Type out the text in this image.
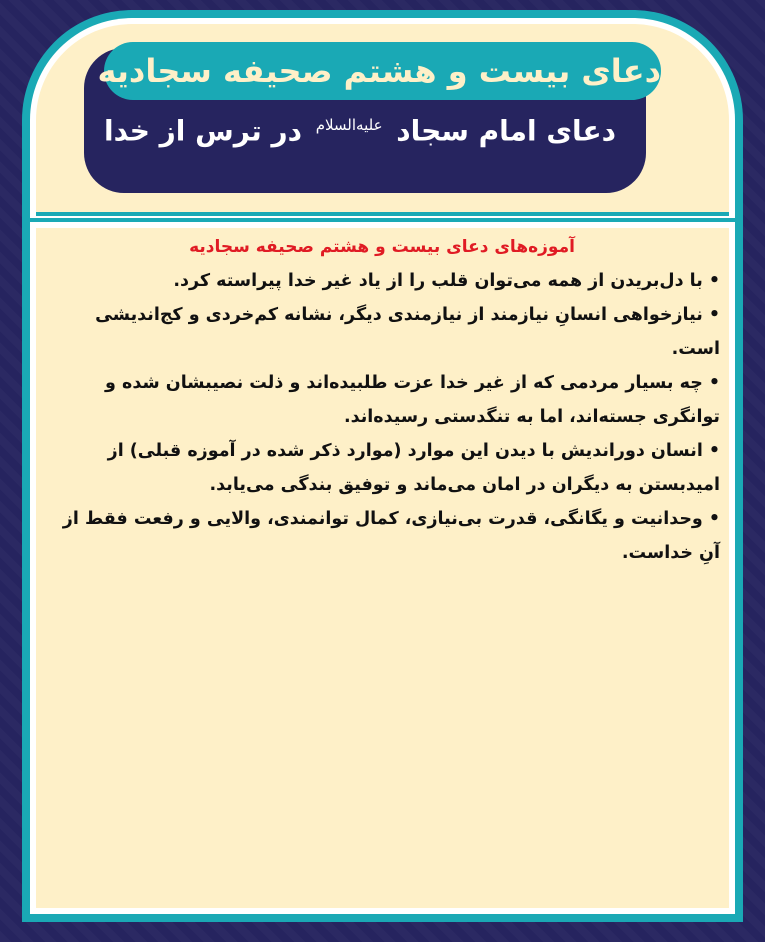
دعای بیست و هشتم صحیفه سجادیه
دعای امام سجاد $^{علیه‌السلام}$ در ترس از خدا
آموزه‌های دعای بیست و هشتم صحیفه سجادیه
•با دل‌بریدن از همه می‌توان قلب را از یاد غیر خدا پیراسته کرد.
•نیازخواهی انسانِ نیازمند از نیازمندی دیگر، نشانه کم‌خردی و کج‌اندیشی است.
•چه بسیار مردمی که از غیر خدا عزت طلبیده‌اند و ذلت نصیبشان شده و توانگری جسته‌اند، اما به تنگدستی رسیده‌اند.
•انسان دوراندیش با دیدن این موارد (موارد ذکر شده در آموزه قبلی) از امیدبستن به دیگران در امان می‌ماند و توفیق بندگی می‌یابد.
•وحدانیت و یگانگی، قدرت بی‌نیازی، کمال توانمندی، والایی و رفعت فقط از آنِ خداست.
